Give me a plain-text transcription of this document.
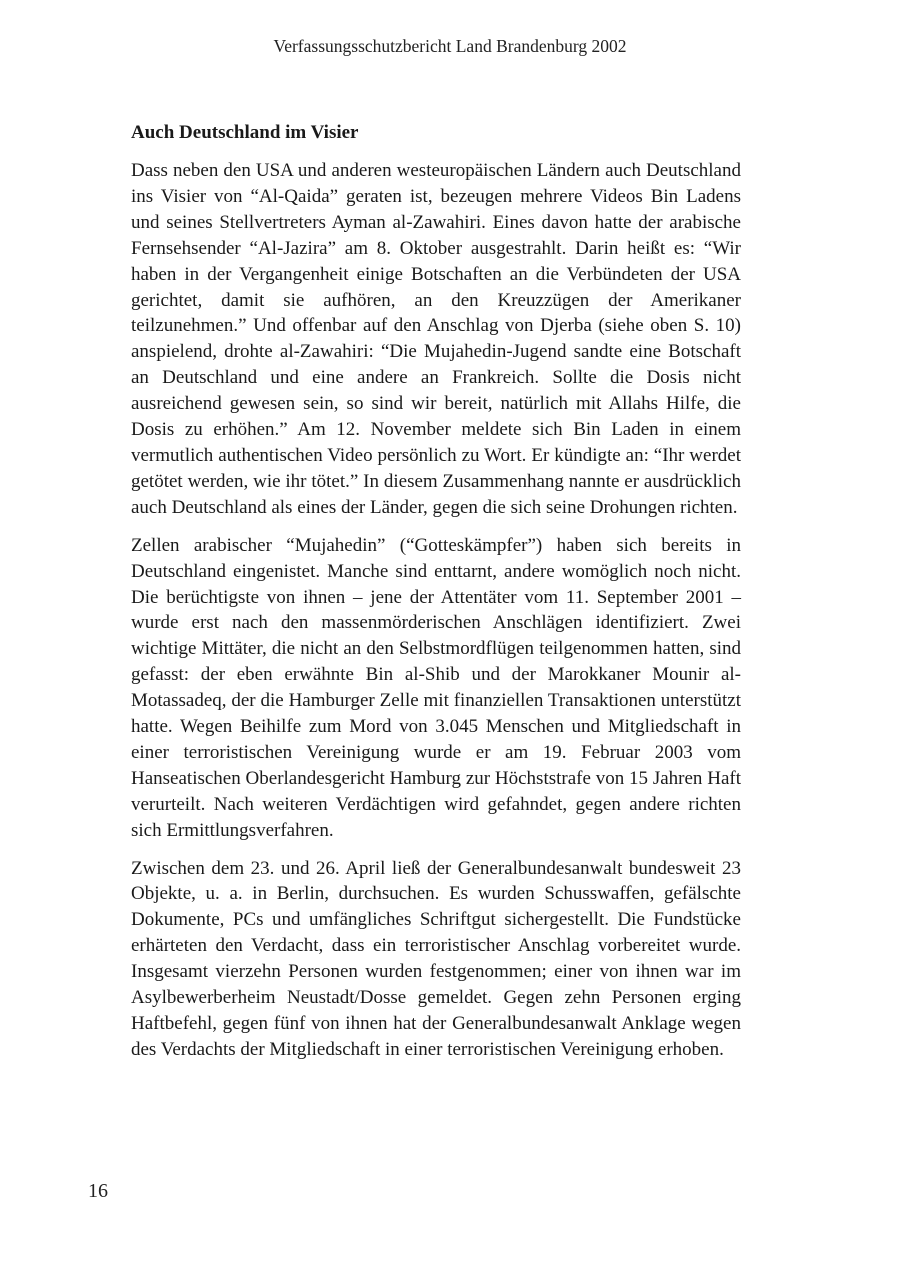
Verfassungsschutzbericht Land Brandenburg 2002
Auch Deutschland im Visier

Dass neben den USA und anderen westeuropäischen Ländern auch Deutschland ins Visier von “Al-Qaida” geraten ist, bezeugen mehrere Videos Bin Ladens und seines Stellvertreters Ayman al-Zawahiri. Eines davon hatte der arabische Fernsehsender “Al-Jazira” am 8. Oktober ausgestrahlt. Darin heißt es: “Wir haben in der Vergangenheit einige Botschaften an die Verbündeten der USA gerichtet, damit sie aufhören, an den Kreuzzügen der Amerikaner teilzunehmen.” Und offenbar auf den Anschlag von Djerba (siehe oben S. 10) anspielend, drohte al-Zawahiri: “Die Mujahedin-Jugend sandte eine Botschaft an Deutschland und eine andere an Frankreich. Sollte die Dosis nicht ausreichend gewesen sein, so sind wir bereit, natürlich mit Allahs Hilfe, die Dosis zu erhöhen.” Am 12. November meldete sich Bin Laden in einem vermutlich authentischen Video persönlich zu Wort. Er kündigte an: “Ihr werdet getötet werden, wie ihr tötet.” In diesem Zusammenhang nannte er ausdrücklich auch Deutschland als eines der Länder, gegen die sich seine Drohungen richten.

Zellen arabischer “Mujahedin” (“Gotteskämpfer”) haben sich bereits in Deutschland eingenistet. Manche sind enttarnt, andere womöglich noch nicht. Die berüchtigste von ihnen – jene der Attentäter vom 11. September 2001 – wurde erst nach den massenmörderischen Anschlägen identifiziert. Zwei wichtige Mittäter, die nicht an den Selbstmordflügen teilgenommen hatten, sind gefasst: der eben erwähnte Bin al-Shib und der Marokkaner Mounir al-Motassadeq, der die Hamburger Zelle mit finanziellen Transaktionen unterstützt hatte. Wegen Beihilfe zum Mord von 3.045 Menschen und Mitgliedschaft in einer terroristischen Vereinigung wurde er am 19. Februar 2003 vom Hanseatischen Oberlandesgericht Hamburg zur Höchststrafe von 15 Jahren Haft verurteilt. Nach weiteren Verdächtigen wird gefahndet, gegen andere richten sich Ermittlungsverfahren.

Zwischen dem 23. und 26. April ließ der Generalbundesanwalt bundesweit 23 Objekte, u. a. in Berlin, durchsuchen. Es wurden Schusswaffen, gefälschte Dokumente, PCs und umfängliches Schriftgut sichergestellt. Die Fundstücke erhärteten den Verdacht, dass ein terroristischer Anschlag vorbereitet wurde. Insgesamt vierzehn Personen wurden festgenommen; einer von ihnen war im Asylbewerberheim Neustadt/Dosse gemeldet. Gegen zehn Personen erging Haftbefehl, gegen fünf von ihnen hat der Generalbundesanwalt Anklage wegen des Verdachts der Mitgliedschaft in einer terroristischen Vereinigung erhoben.

16
